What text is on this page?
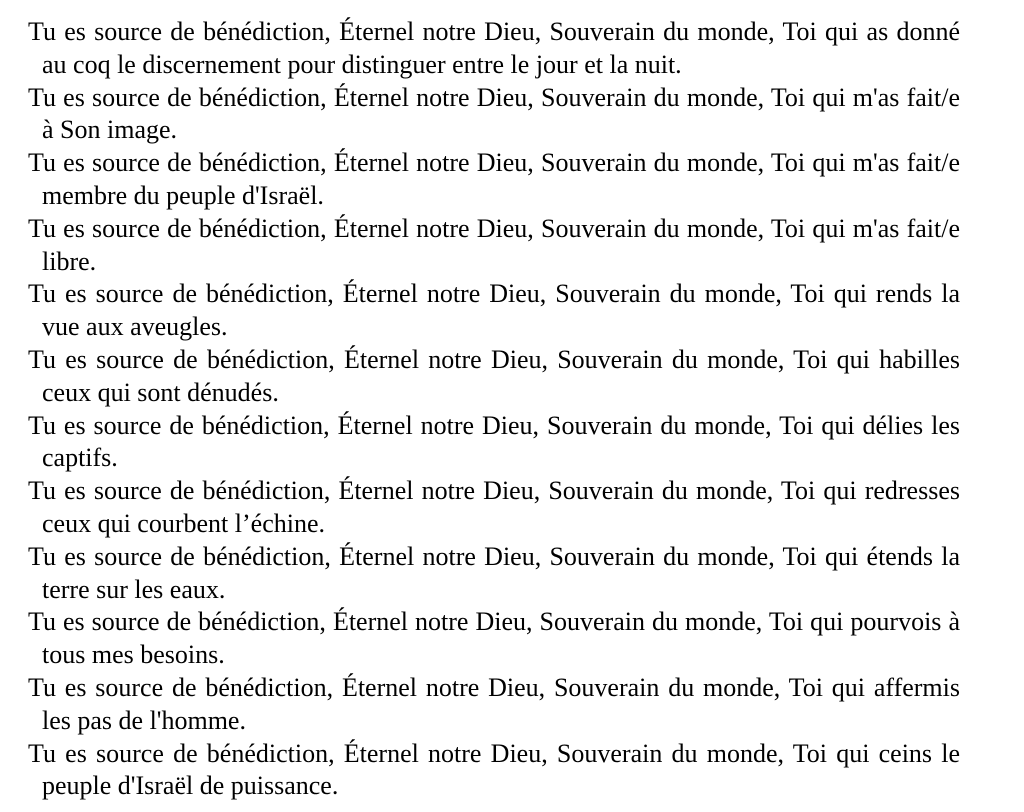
Tu es source de bénédiction, Éternel notre Dieu, Souverain du monde, Toi qui as donné au coq le discernement pour distinguer entre le jour et la nuit.

Tu es source de bénédiction, Éternel notre Dieu, Souverain du monde, Toi qui m'as fait/e à Son image.

Tu es source de bénédiction, Éternel notre Dieu, Souverain du monde, Toi qui m'as fait/e membre du peuple d'Israël.

Tu es source de bénédiction, Éternel notre Dieu, Souverain du monde, Toi qui m'as fait/e libre.

Tu es source de bénédiction, Éternel notre Dieu, Souverain du monde, Toi qui rends la vue aux aveugles.

Tu es source de bénédiction, Éternel notre Dieu, Souverain du monde, Toi qui habilles ceux qui sont dénudés.

Tu es source de bénédiction, Éternel notre Dieu, Souverain du monde, Toi qui délies les captifs.

Tu es source de bénédiction, Éternel notre Dieu, Souverain du monde, Toi qui redresses ceux qui courbent l’échine.

Tu es source de bénédiction, Éternel notre Dieu, Souverain du monde, Toi qui étends la terre sur les eaux.

Tu es source de bénédiction, Éternel notre Dieu, Souverain du monde, Toi qui pourvois à tous mes besoins.

Tu es source de bénédiction, Éternel notre Dieu, Souverain du monde, Toi qui affermis les pas de l'homme.

Tu es source de bénédiction, Éternel notre Dieu, Souverain du monde, Toi qui ceins le peuple d'Israël de puissance.
